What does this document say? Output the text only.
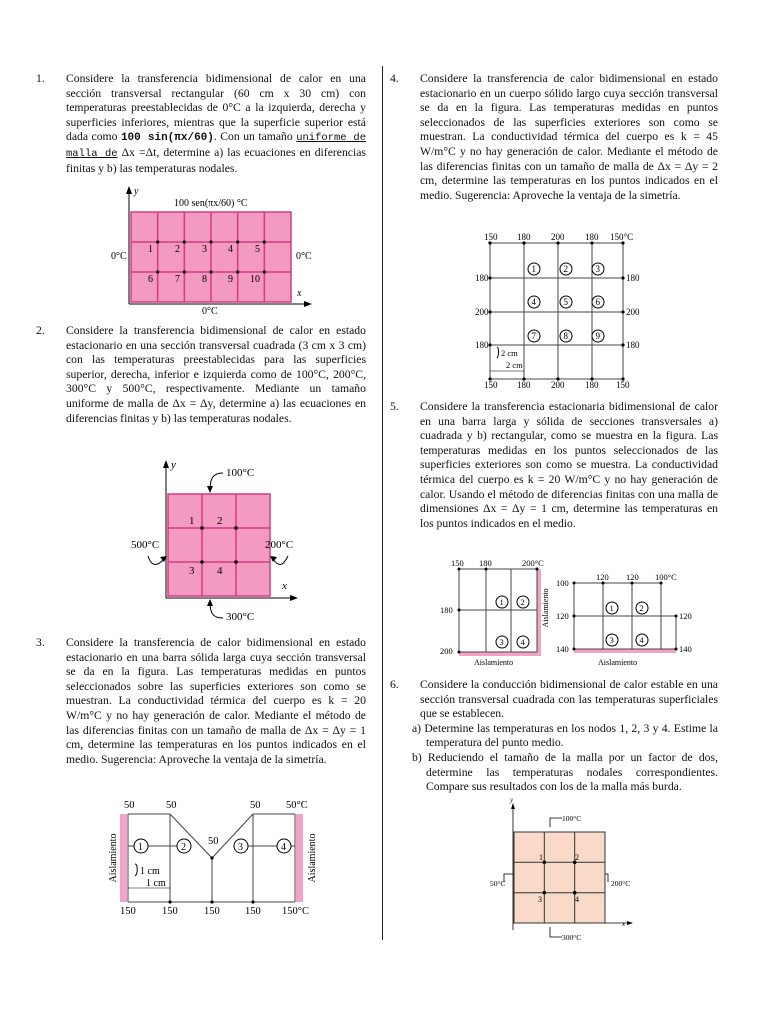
1. Considere la transferencia bidimensional de calor en una sección transversal rectangular (60 cm x 30 cm) con temperaturas preestablecidas de 0°C a la izquierda, derecha y superficies inferiores, mientras que la superficie superior está dada como 100 sin(πx/60). Con un tamaño uniforme de malla de Δx =Δt, determine a) las ecuaciones en diferencias finitas y b) las temperaturas nodales.
y
x
1 2 3 4 5
6 7 8 9 10
100 sen(πx/60) °C
0°C	0°C
0°C
2. Considere la transferencia bidimensional de calor en estado estacionario en una sección transversal cuadrada (3 cm x 3 cm) con las temperaturas preestablecidas para las superficies superior, derecha, inferior e izquierda como de 100°C, 200°C, 300°C y 500°C, respectivamente. Mediante un tamaño uniforme de malla de Δx = Δy, determine a) las ecuaciones en diferencias finitas y b) las temperaturas nodales.
y
x
1 2
3 4
100°C
500°C	200°C
300°C
3. Considere la transferencia de calor bidimensional en estado estacionario en una barra sólida larga cuya sección transversal se da en la figura. Las temperaturas medidas en puntos seleccionados sobre las superficies exteriores son como se muestran. La conductividad térmica del cuerpo es k = 20 W/m°C y no hay generación de calor. Mediante el método de las diferencias finitas con un tamaño de malla de Δx = Δy = 1 cm, determine las temperaturas en los puntos indicados en el medio. Sugerencia: Aproveche la ventaja de la simetría.
Aislamiento	Aislamiento
1	2	3	4
50	50
50
50 50°C
150	150	150 150 150°C
1 cm
1 cm
4. Considere la transferencia de calor bidimensional en estado estacionario en un cuerpo sólido largo cuya sección transversal se da en la figura. Las temperaturas medidas en puntos seleccionados de las superficies exteriores son como se muestran. La conductividad térmica del cuerpo es k = 45 W/m°C y no hay generación de calor. Mediante el método de las diferencias finitas con un tamaño de malla de Δx = Δy = 2 cm, determine las temperaturas en los puntos indicados en el medio. Sugerencia: Aproveche la ventaja de la simetría.
1	2	3
4	5	6
7	8	9
150 180 200 180 150°C
150 180 200 180 150
180
200
180
180
200
180
2 cm
2 cm
5. Considere la transferencia estacionaria bidimensional de calor en una barra larga y sólida de secciones transversales a) cuadrada y b) rectangular, como se muestra en la figura. Las temperaturas medidas en los puntos seleccionados de las superficies exteriores son como se muestra. La conductividad térmica del cuerpo es k = 20 W/m°C y no hay generación de calor. Usando el método de diferencias finitas con una malla de dimensiones Δx = Δy = 1 cm, determine las temperaturas en los puntos indicados en el medio.
Aislamiento
1 2
3 4
150 180	200°C
180
200
Aislamiento
1	2
3	4
120 120 100°C
100
120
140
120
140
Aislamiento
6. Considere la conducción bidimensional de calor estable en una sección transversal cuadrada con las temperaturas superficiales que se establecen.
a) Determine las temperaturas en los nodos 1, 2, 3 y 4. Estime la temperatura del punto medio.
b) Reduciendo el tamaño de la malla por un factor de dos, determine las temperaturas nodales correspondientes. Compare sus resultados con los de la malla más burda.
y
x
1	2
3	4
100°C
50°C	200°C
300°C
